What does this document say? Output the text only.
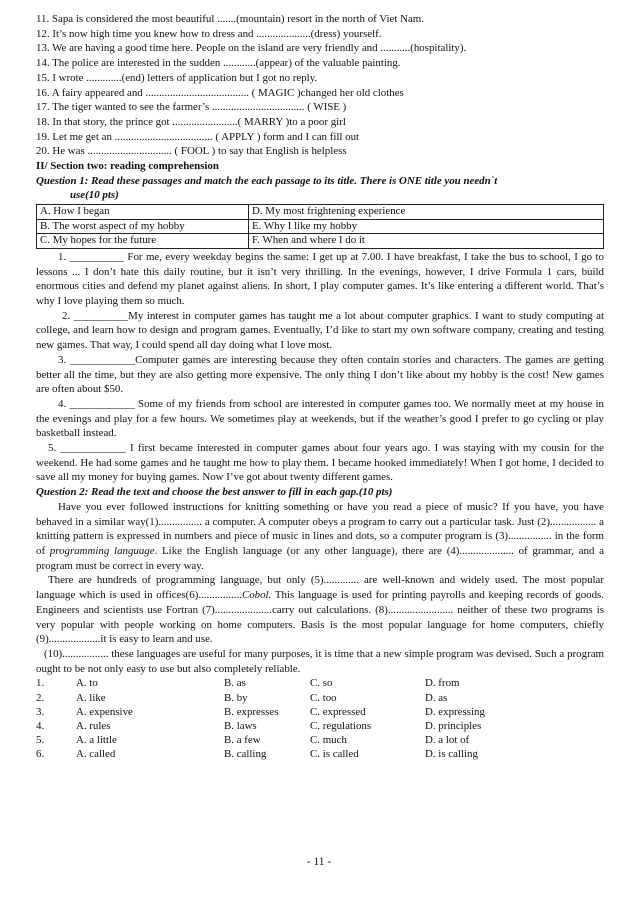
11. Sapa is considered the most beautiful .......(mountain) resort in the north of Viet Nam.
12. It’s now high time you knew how to dress and ....................(dress) yourself.
13. We are having a good time here. People on the island are very friendly and ...........(hospitality).
14. The police are interested in the sudden ............(appear) of the valuable painting.
15. I wrote .............(end) letters of application but I got no reply.
16. A fairy appeared and ...................................... ( MAGIC )changed her old clothes
17. The tiger wanted to see the farmer’s .................................. ( WISE )
18. In that story, the prince got ........................( MARRY )to a poor girl
19. Let me get an .................................... ( APPLY ) form and I can fill out
20. He was ............................... ( FOOL ) to say that English is helpless
II/ Section two: reading comprehension
Question 1: Read these passages and match the each passage to its title. There is ONE title you needn`t
use(10 pts)
A. How I began	D. My most frightening experience
B. The worst aspect of my hobby	E. Why I like my hobby
C. My hopes for the future	F. When and where I do it
1. __________ For me, every weekday begins the same: I get up at 7.00. I have breakfast, I take the bus to school, I go to lessons ... I don’t hate this daily routine, but it isn’t very thrilling. In the evenings, however, I drive Formula 1 cars, build enormous cities and defend my planet against aliens. In short, I play computer games. It’s like entering a different world. That’s why I love playing them so much.
2. __________My interest in computer games has taught me a lot about computer graphics. I want to study computing at college, and learn how to design and program games. Eventually, I’d like to start my own software company, creating and testing new games. That way, I could spend all day doing what I love most.
3. ____________Computer games are interesting because they often contain stories and characters. The games are getting better all the time, but they are also getting more expensive. The only thing I don’t like about my hobby is the cost! New games are often about $50.
4. ____________ Some of my friends from school are interested in computer games too. We normally meet at my house in the evenings and play for a few hours. We sometimes play at weekends, but if the weather’s good I prefer to go cycling or play basketball instead.
5. ____________ I first became interested in computer games about four years ago. I was staying with my cousin for the weekend. He had some games and he taught me how to play them. I became hooked immediately! When I got home, I decided to save all my money for buying games. Now I’ve got about twenty different games.
Question 2: Read the text and choose the best answer to fill in each gap.(10 pts)
Have you ever followed instructions for knitting something or have you read a piece of music? If you have, you have behaved in a similar way(1)................ a computer. A computer obeys a program to carry out a particular task. Just (2)................. a knitting pattern is expressed in numbers and piece of music in lines and dots, so a computer program is (3)................ in the form of programming language. Like the English language (or any other language), there are (4).................... of grammar, and a program must be correct in every way.
There are hundreds of programming language, but only (5)............. are well-known and widely used. The most popular language which is used in offices(6)................Cobol. This language is used for printing payrolls and keeping records of goods. Engineers and scientists use Fortran (7).....................carry out calculations. (8)........................ neither of these two programs is very popular with people working on home computers. Basis is the most popular language for home computers, chiefly (9)...................it is easy to learn and use.
(10)................. these languages are useful for many purposes, it is time that a new simple program was devised. Such a program ought to be not only easy to use but also completely reliable.
1.	A. to	B. as	C. so	D. from
2.	A. like	B. by	C. too	D. as
3.	A. expensive	B. expresses	C. expressed	D. expressing
4.	A. rules	B. laws	C. regulations	D. principles
5.	A. a little	B. a few	C. much	D. a lot of
6.	A. called	B. calling	C. is called	D. is calling
- 11 -
